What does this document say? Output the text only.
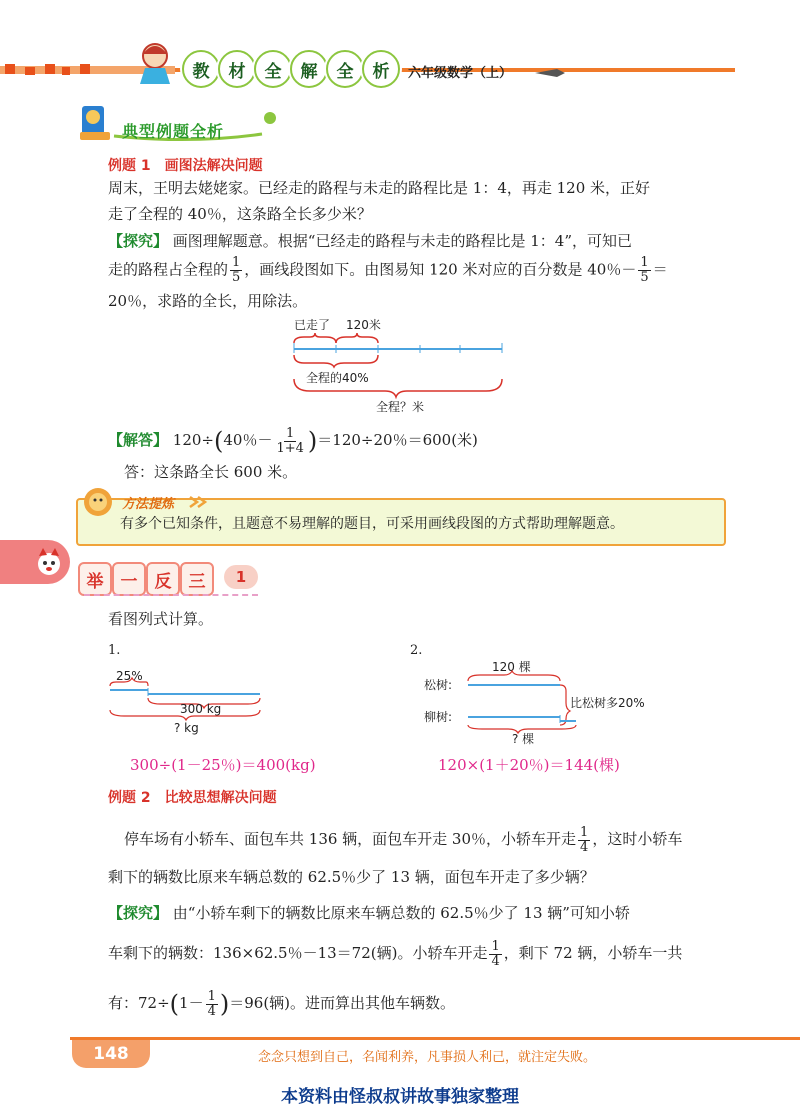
教	材	全	解	全	析	六年级数学（上）
典型例题全析
例题 1　画图法解决问题
周末，王明去姥姥家。已经走的路程与未走的路程比是 1：4，再走 120 米，正好
走了全程的 40％，这条路全长多少米？
【探究】 画图理解题意。根据“已经走的路程与未走的路程比是 1：4”，可知已
走的路程占全程的 $\frac{1}{5}$ ，画线段图如下。由图易知 120 米对应的百分数是 40％－ $\frac{1}{5}$ ＝
20％，求路的全长，用除法。
已走了 120米
全程的40%
全程？米
【解答】 120÷(40％－ $\frac{1}{1+4} )=120\div 20$％＝600(米)
答：这条路全长 600 米。
方法提炼
有多个已知条件，且题意不易理解的题目，可采用画线段图的方式帮助理解题意。
举	一	反	三	1
看图列式计算。
1.
25%
300 kg
? kg
2.
120 棵
松树:
比松树多20%
柳树:
? 棵
300÷(1－25％)＝400(kg)	120×(1＋20％)＝144(棵)
例题 2　比较思想解决问题
停车场有小轿车、面包车共 136 辆，面包车开走 30％，小轿车开走 $\frac{1}{4}$ ，这时小轿车
剩下的辆数比原来车辆总数的 62.5％少了 13 辆，面包车开走了多少辆？
【探究】 由“小轿车剩下的辆数比原来车辆总数的 62.5％少了 13 辆”可知小轿
车剩下的辆数：136×62.5％－13＝72(辆)。小轿车开走 $\frac{1}{4}$ ，剩下 72 辆，小轿车一共
有：$72\div(1- \frac{1}{4} )=96$(辆)。进而算出其他车辆数。
148	念念只想到自己，名闻利养，凡事损人利己，就注定失败。
本资料由怪叔叔讲故事独家整理
